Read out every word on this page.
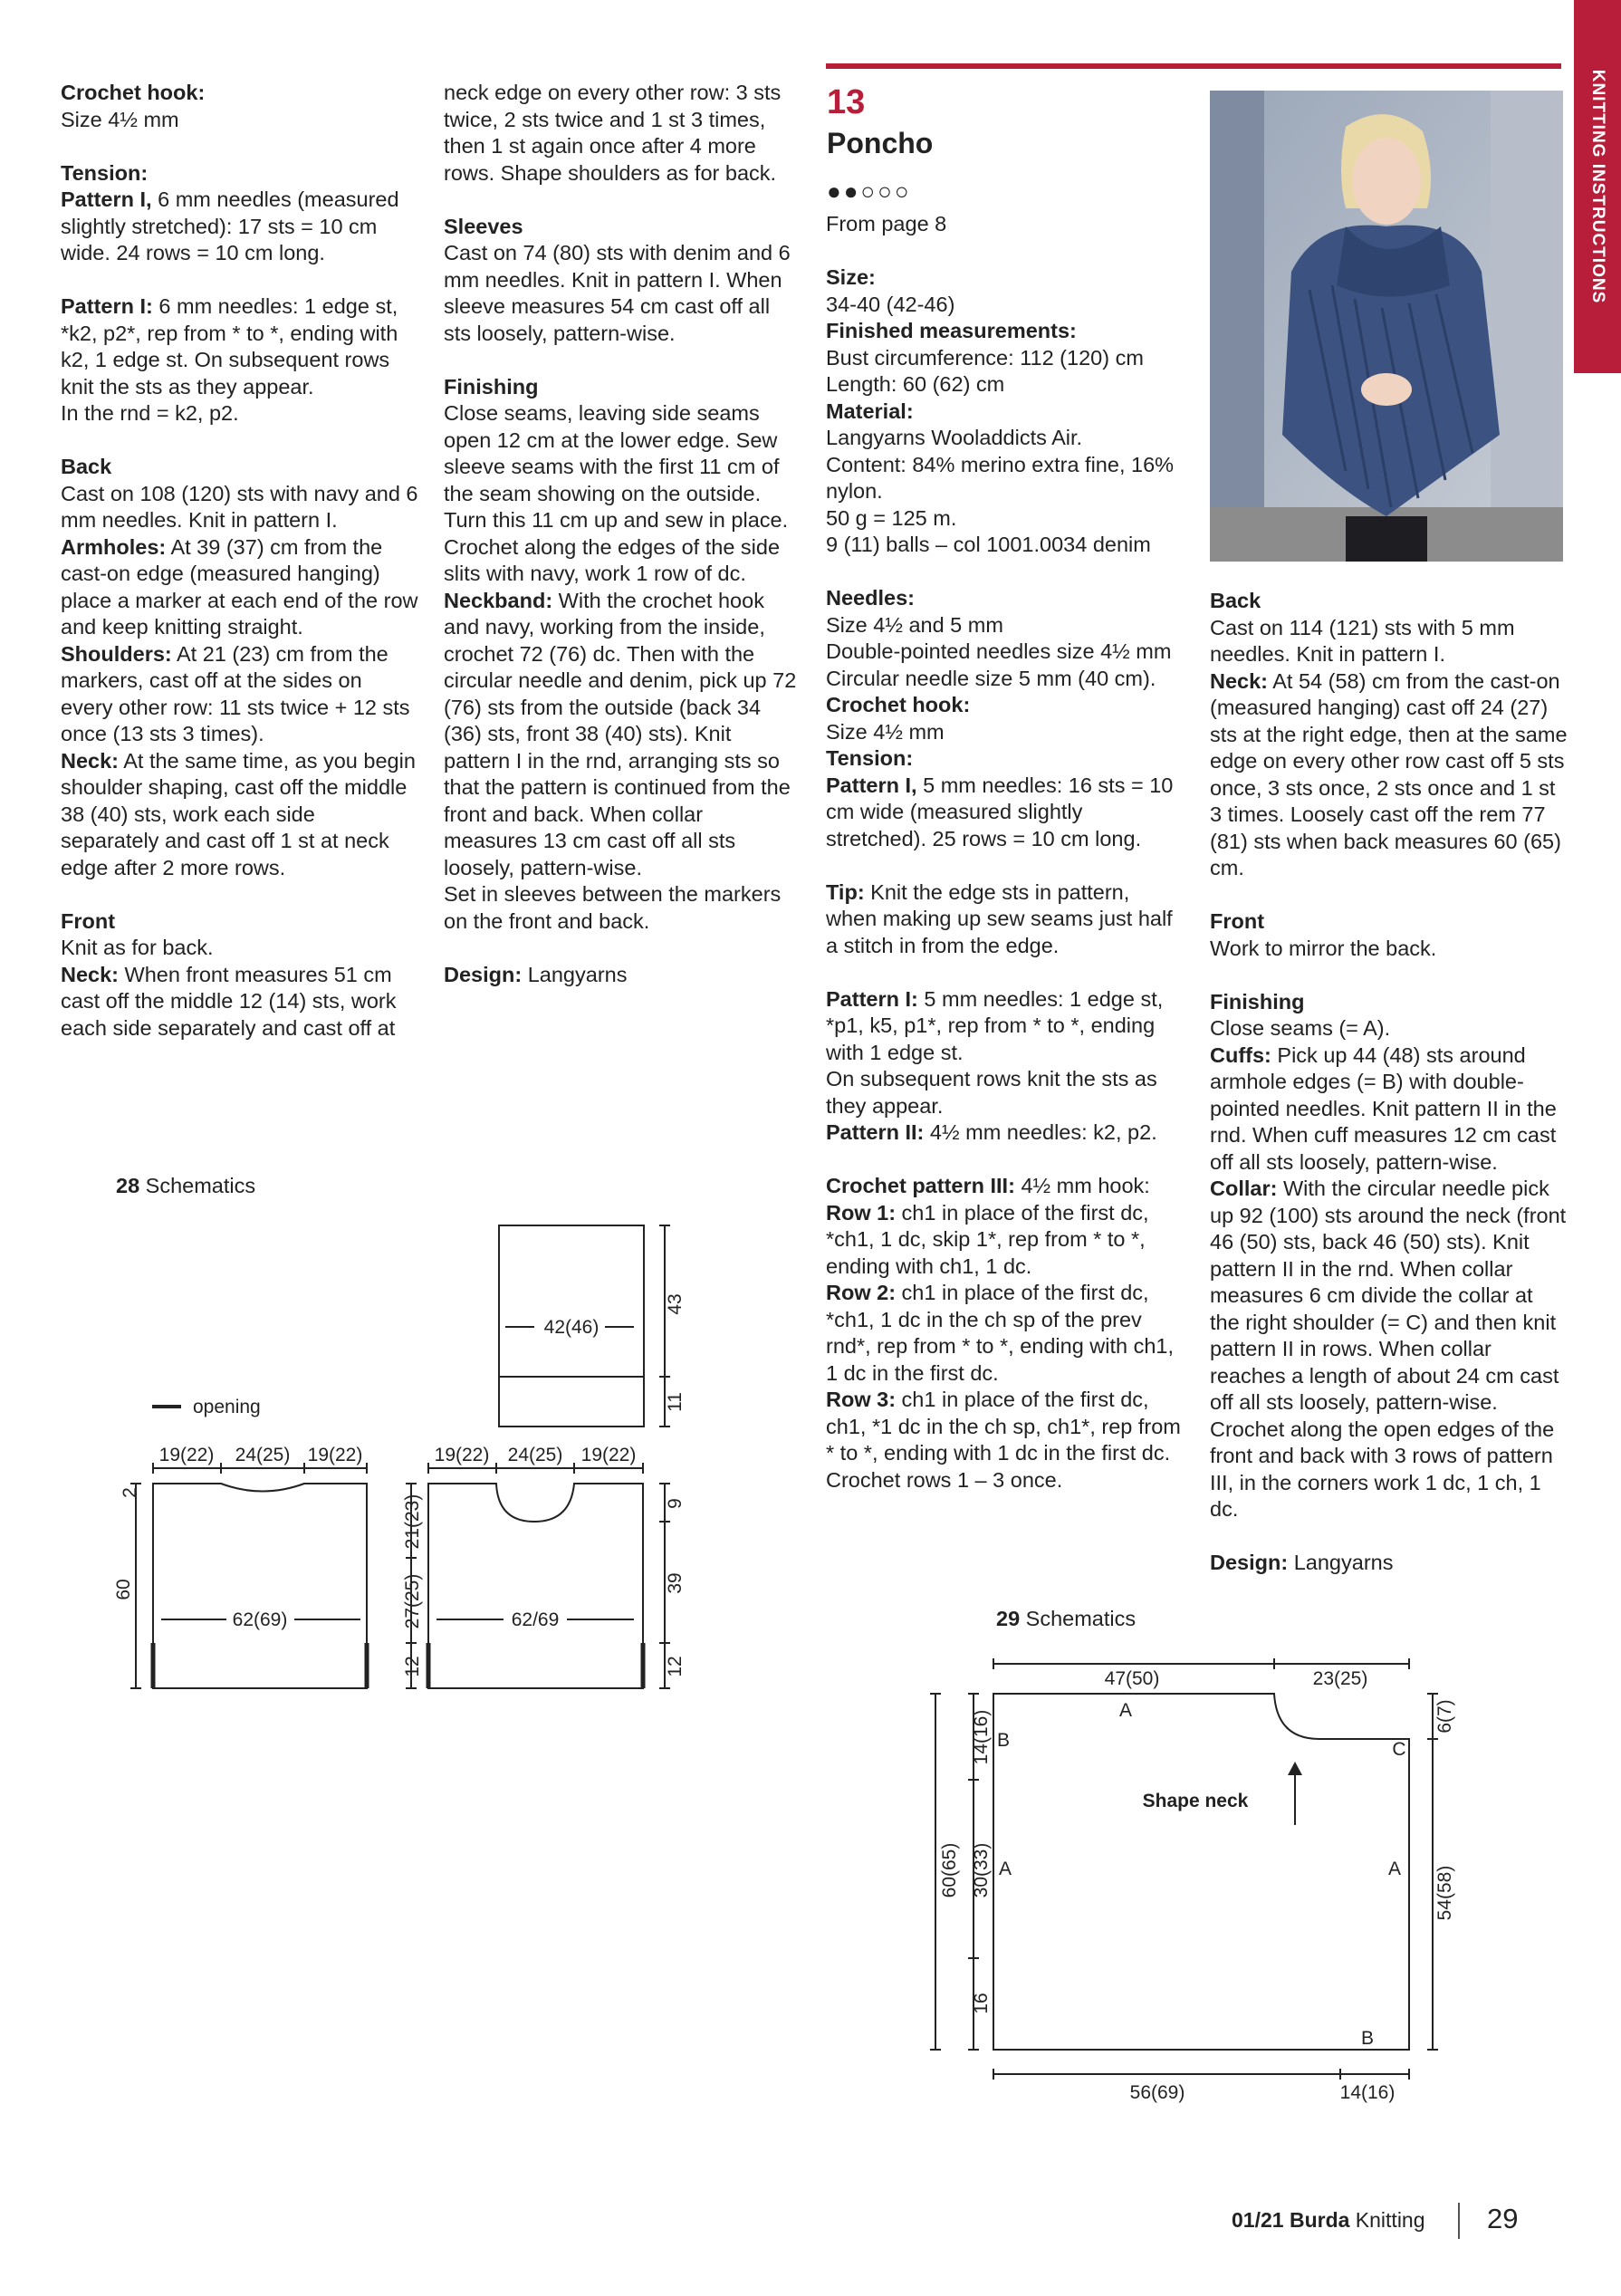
KNITTING INSTRUCTIONS

Crochet hook:

Size 4½ mm

Tension:

Pattern I, 6 mm needles (measured slightly stretched): 17 sts = 10 cm wide. 24 rows = 10 cm long.

Pattern I: 6 mm needles: 1 edge st, *k2, p2*, rep from * to *, ending with k2, 1 edge st. On subsequent rows knit the sts as they appear.

In the rnd = k2, p2.

Back

Cast on 108 (120) sts with navy and 6 mm needles. Knit in pattern I.

Armholes: At 39 (37) cm from the cast-on edge (measured hanging) place a marker at each end of the row and keep knitting straight.

Shoulders: At 21 (23) cm from the markers, cast off at the sides on every other row: 11 sts twice + 12 sts once (13 sts 3 times).

Neck: At the same time, as you begin shoulder shaping, cast off the middle 38 (40) sts, work each side separately and cast off 1 st at neck edge after 2 more rows.

Front

Knit as for back.

Neck: When front measures 51 cm cast off the middle 12 (14) sts, work each side separately and cast off at

neck edge on every other row: 3 sts twice, 2 sts twice and 1 st 3 times, then 1 st again once after 4 more rows. Shape shoulders as for back.

Sleeves

Cast on 74 (80) sts with denim and 6 mm needles. Knit in pattern I. When sleeve measures 54 cm cast off all sts loosely, pattern-wise.

Finishing

Close seams, leaving side seams open 12 cm at the lower edge. Sew sleeve seams with the first 11 cm of the seam showing on the outside. Turn this 11 cm up and sew in place.

Crochet along the edges of the side slits with navy, work 1 row of dc.

Neckband: With the crochet hook and navy, working from the inside, crochet 72 (76) dc. Then with the circular needle and denim, pick up 72 (76) sts from the outside (back 34 (36) sts, front 38 (40) sts). Knit pattern I in the rnd, arranging sts so that the pattern is continued from the front and back. When collar measures 13 cm cast off all sts loosely, pattern-wise.

Set in sleeves between the markers on the front and back.

Design: Langyarns

13
Poncho
●●○○○

From page 8

Size:

34-40 (42-46)

Finished measurements:

Bust circumference: 112 (120) cm

Length: 60 (62) cm

Material:

Langyarns Wooladdicts Air.

Content: 84% merino extra fine, 16% nylon.

50 g = 125 m.

9 (11) balls – col 1001.0034 denim

Needles:

Size 4½ and 5 mm

Double-pointed needles size 4½ mm

Circular needle size 5 mm (40 cm).

Crochet hook:

Size 4½ mm

Tension:

Pattern I, 5 mm needles: 16 sts = 10 cm wide (measured slightly stretched). 25 rows = 10 cm long.

Tip: Knit the edge sts in pattern, when making up sew seams just half a stitch in from the edge.

Pattern I: 5 mm needles: 1 edge st, *p1, k5, p1*, rep from * to *, ending with 1 edge st.

On subsequent rows knit the sts as they appear.

Pattern II: 4½ mm needles: k2, p2.

Crochet pattern III: 4½ mm hook:

Row 1: ch1 in place of the first dc, *ch1, 1 dc, skip 1*, rep from * to *, ending with ch1, 1 dc.

Row 2: ch1 in place of the first dc, *ch1, 1 dc in the ch sp of the prev rnd*, rep from * to *, ending with ch1, 1 dc in the first dc.

Row 3: ch1 in place of the first dc, ch1, *1 dc in the ch sp, ch1*, rep from * to *, ending with 1 dc in the first dc.

Crochet rows 1 – 3 once.

Back

Cast on 114 (121) sts with 5 mm needles. Knit in pattern I.

Neck: At 54 (58) cm from the cast-on (measured hanging) cast off 24 (27) sts at the right edge, then at the same edge on every other row cast off 5 sts once, 3 sts once, 2 sts once and 1 st 3 times. Loosely cast off the rem 77 (81) sts when back measures 60 (65) cm.

Front

Work to mirror the back.

Finishing

Close seams (= A).

Cuffs: Pick up 44 (48) sts around armhole edges (= B) with double-pointed needles. Knit pattern II in the rnd. When cuff measures 12 cm cast off all sts loosely, pattern-wise.

Collar: With the circular needle pick up 92 (100) sts around the neck (front 46 (50) sts, back 46 (50) sts). Knit pattern II in the rnd. When collar measures 6 cm divide the collar at the right shoulder (= C) and then knit pattern II in rows. When collar reaches a length of about 24 cm cast off all sts loosely, pattern-wise. Crochet along the open edges of the front and back with 3 rows of pattern III, in the corners work 1 dc, 1 ch, 1 dc.

Design: Langyarns

28 Schematics
42(46)
43
11
opening
19(22) 24(25) 19(22)
2
60
62(69)
19(22) 24(25) 19(22)
21(23)
27(25)
12
62/69
9
39
12
29 Schematics
47(50)	23(25)
6(7)
54(58)
60(65)
14(16)
30(33)
16
56(69)	14(16)
Shape neck
A
B	C
A	A
B
01/21 Burda Knitting 29
